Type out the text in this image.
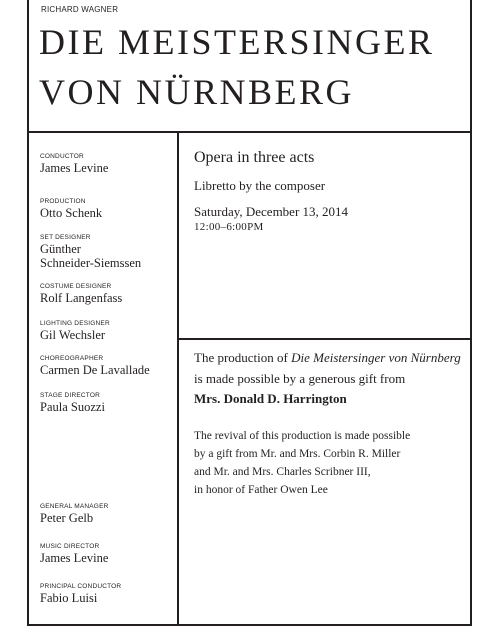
RICHARD WAGNER
DIE MEISTERSINGER
VON NÜRNBERG
CONDUCTOR
James Levine
PRODUCTION
Otto Schenk
SET DESIGNER
Günther
Schneider-Siemssen
COSTUME DESIGNER
Rolf Langenfass
LIGHTING DESIGNER
Gil Wechsler
CHOREOGRAPHER
Carmen De Lavallade
STAGE DIRECTOR
Paula Suozzi
GENERAL MANAGER
Peter Gelb
MUSIC DIRECTOR
James Levine
PRINCIPAL CONDUCTOR
Fabio Luisi
Opera in three acts
Libretto by the composer
Saturday, December 13, 2014
12:00–6:00PM
The production of Die Meistersinger von Nürnberg
is made possible by a generous gift from
Mrs. Donald D. Harrington
The revival of this production is made possible
by a gift from Mr. and Mrs. Corbin R. Miller
and Mr. and Mrs. Charles Scribner III,
in honor of Father Owen Lee
